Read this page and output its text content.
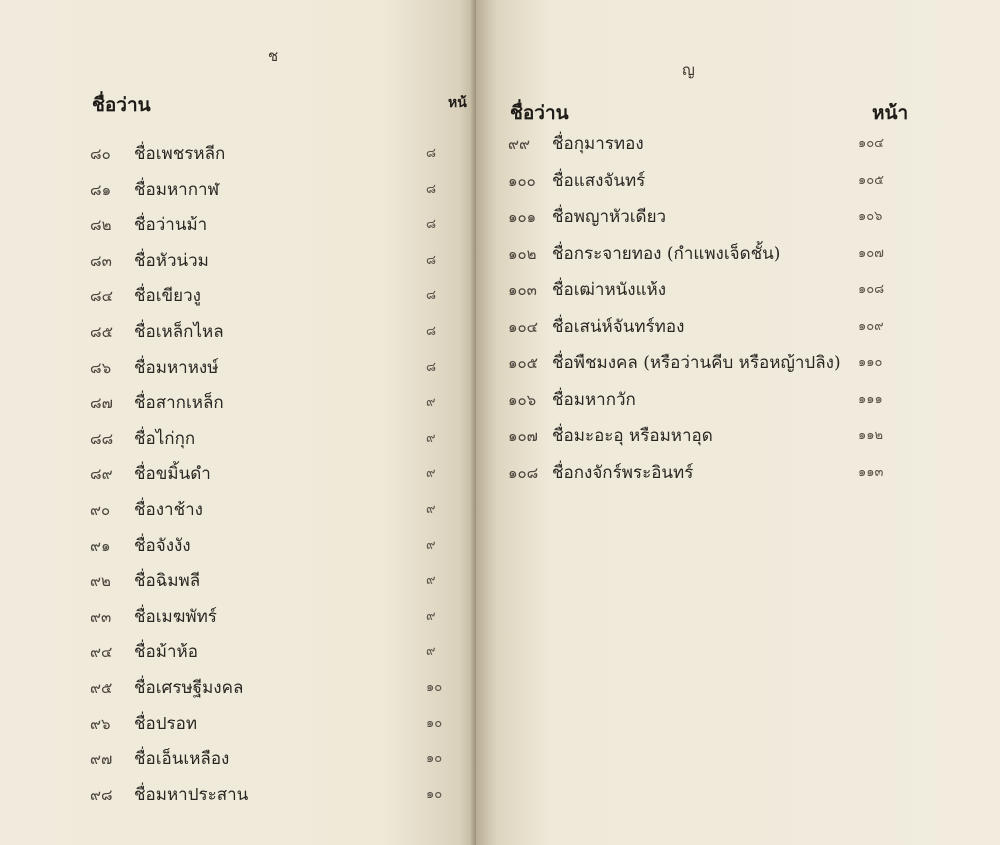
ช
ชื่อว่าน	หน้
๘๐	ชื่อเพชรหลีก	๘
๘๑	ชื่อมหากาฬ	๘
๘๒	ชื่อว่านม้า	๘
๘๓	ชื่อหัวน่วม	๘
๘๔	ชื่อเขียวงู	๘
๘๕	ชื่อเหล็กไหล	๘
๘๖	ชื่อมหาหงษ์	๘
๘๗	ชื่อสากเหล็ก	๙
๘๘	ชื่อไก่กุก	๙
๘๙	ชื่อขมิ้นดำ	๙
๙๐	ชื่องาช้าง	๙
๙๑	ชื่อจังงัง	๙
๙๒	ชื่อฉิมพลี	๙
๙๓	ชื่อเมฆพัทร์	๙
๙๔	ชื่อม้าห้อ	๙
๙๕	ชื่อเศรษฐีมงคล	๑๐
๙๖	ชื่อปรอท	๑๐
๙๗	ชื่อเอ็นเหลือง	๑๐
๙๘	ชื่อมหาประสาน	๑๐
ญ
ชื่อว่าน	หน้า
๙๙	ชื่อกุมารทอง	๑๐๔
๑๐๐ ชื่อแสงจันทร์	๑๐๕
๑๐๑ ชื่อพญาหัวเดียว	๑๐๖
๑๐๒ ชื่อกระจายทอง (กำแพงเจ็ดชั้น)	๑๐๗
๑๐๓ ชื่อเฒ่าหนังแห้ง	๑๐๘
๑๐๔ ชื่อเสน่ห์จันทร์ทอง	๑๐๙
๑๐๕ ชื่อพืชมงคล (หรือว่านคีบ หรือหญ้าปลิง) ๑๑๐
๑๐๖ ชื่อมหากวัก	๑๑๑
๑๐๗ ชื่อมะอะอุ หรือมหาอุด	๑๑๒
๑๐๘ ชื่อกงจักร์พระอินทร์	๑๑๓
